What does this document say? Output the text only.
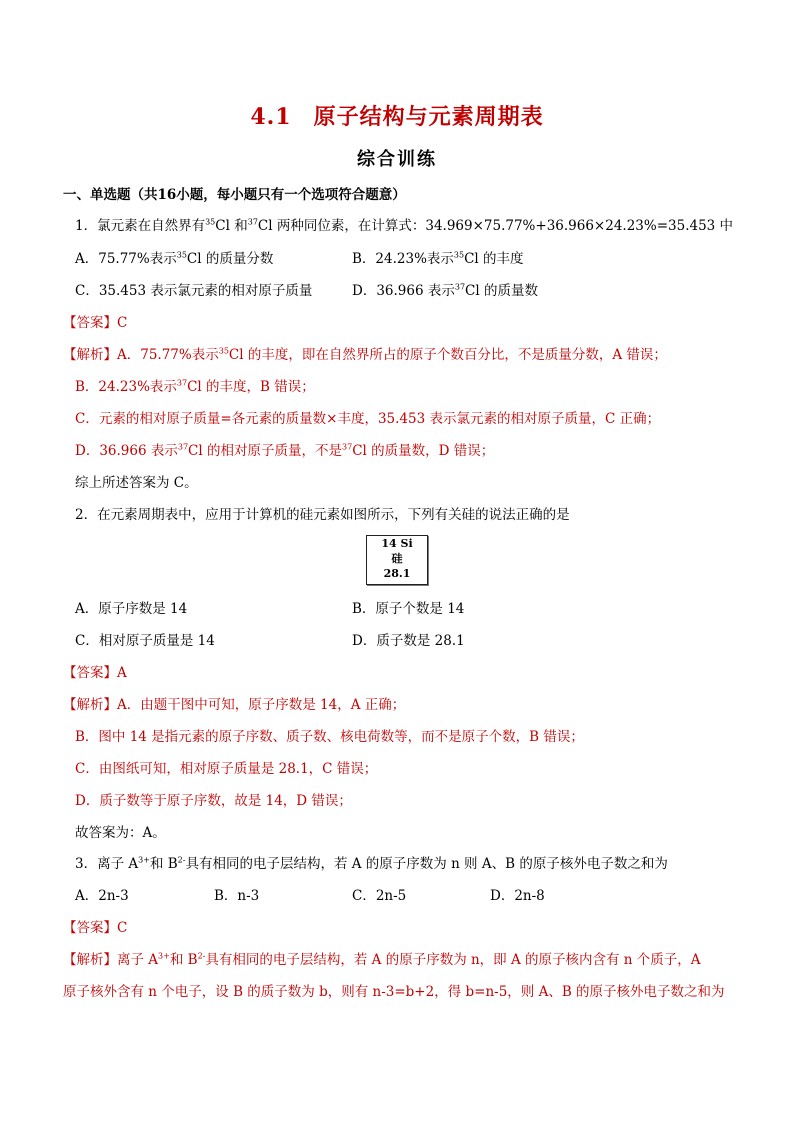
4.1 原子结构与元素周期表
综合训练
一、单选题（共16小题，每小题只有一个选项符合题意）
1．氯元素在自然界有$^{35}$Cl 和$^{37}$Cl 两种同位素，在计算式：34.969×75.77%+36.966×24.23%=35.453 中
A．75.77%表示$^{35}$Cl 的质量分数	B．24.23%表示$^{35}$Cl 的丰度
C．35.453 表示氯元素的相对原子质量	D．36.966 表示$^{37}$Cl 的质量数
【答案】C
【解析】A．75.77%表示$^{35}$Cl 的丰度，即在自然界所占的原子个数百分比，不是质量分数，A 错误；
B．24.23%表示$^{37}$Cl 的丰度，B 错误；
C．元素的相对原子质量=各元素的质量数×丰度，35.453 表示氯元素的相对原子质量，C 正确；
D．36.966 表示$^{37}$Cl 的相对原子质量，不是$^{37}$Cl 的质量数，D 错误；
综上所述答案为 C。
2．在元素周期表中，应用于计算机的硅元素如图所示，下列有关硅的说法正确的是
14 Si
硅
28.1
A．原子序数是 14	B．原子个数是 14
C．相对原子质量是 14	D．质子数是 28.1
【答案】A
【解析】A．由题干图中可知，原子序数是 14，A 正确；
B．图中 14 是指元素的原子序数、质子数、核电荷数等，而不是原子个数，B 错误；
C．由图纸可知，相对原子质量是 28.1，C 错误；
D．质子数等于原子序数，故是 14，D 错误；
故答案为：A。
3．离子 $A^{3+}$和 $B^{2-}$具有相同的电子层结构，若 A 的原子序数为 n 则 A、B 的原子核外电子数之和为
A．2n-3	B．n-3	C．2n-5	D．2n-8
【答案】C
【解析】离子 $A^{3+}$和 $B^{2-}$具有相同的电子层结构，若 A 的原子序数为 n，即 A 的原子核内含有 n 个质子，A
原子核外含有 n 个电子，设 B 的质子数为 b，则有 n-3=b+2，得 b=n-5，则 A、B 的原子核外电子数之和为
